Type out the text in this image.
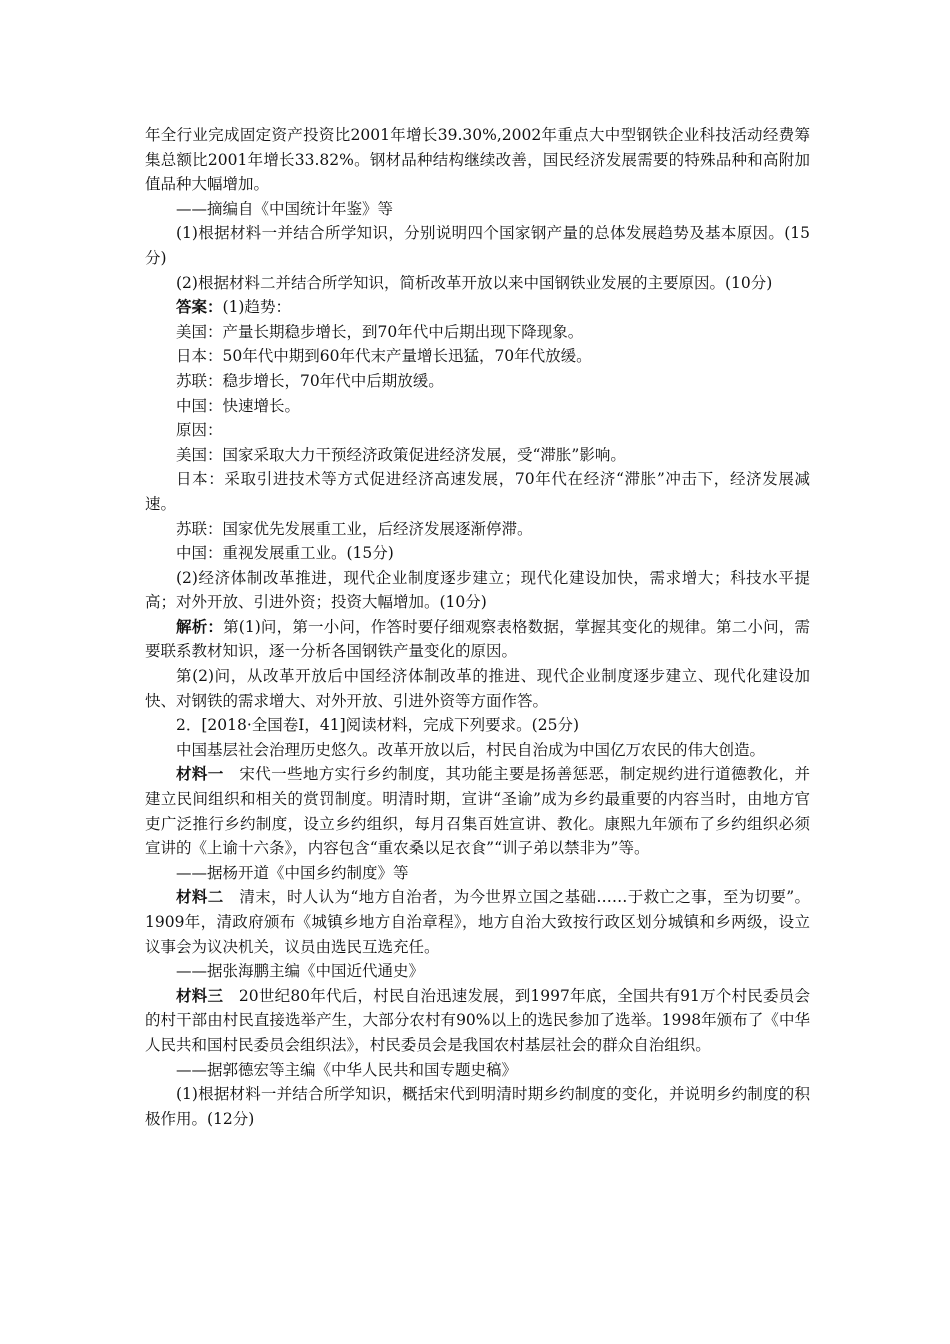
年全行业完成固定资产投资比2001年增长39.30%,2002年重点大中型钢铁企业科技活动经费筹集总额比2001年增长33.82%。钢材品种结构继续改善，国民经济发展需要的特殊品种和高附加值品种大幅增加。

——摘编自《中国统计年鉴》等

(1)根据材料一并结合所学知识，分别说明四个国家钢产量的总体发展趋势及基本原因。(15分)

(2)根据材料二并结合所学知识，简析改革开放以来中国钢铁业发展的主要原因。(10分)

答案：(1)趋势：

美国：产量长期稳步增长，到70年代中后期出现下降现象。

日本：50年代中期到60年代末产量增长迅猛，70年代放缓。

苏联：稳步增长，70年代中后期放缓。

中国：快速增长。

原因：

美国：国家采取大力干预经济政策促进经济发展，受“滞胀”影响。

日本：采取引进技术等方式促进经济高速发展，70年代在经济“滞胀”冲击下，经济发展减速。

苏联：国家优先发展重工业，后经济发展逐渐停滞。

中国：重视发展重工业。(15分)

(2)经济体制改革推进，现代企业制度逐步建立；现代化建设加快，需求增大；科技水平提高；对外开放、引进外资；投资大幅增加。(10分)

解析：第(1)问，第一小问，作答时要仔细观察表格数据，掌握其变化的规律。第二小问，需要联系教材知识，逐一分析各国钢铁产量变化的原因。

第(2)问，从改革开放后中国经济体制改革的推进、现代企业制度逐步建立、现代化建设加快、对钢铁的需求增大、对外开放、引进外资等方面作答。

2．[2018·全国卷Ⅰ，41]阅读材料，完成下列要求。(25分)

中国基层社会治理历史悠久。改革开放以后，村民自治成为中国亿万农民的伟大创造。

材料一　宋代一些地方实行乡约制度，其功能主要是扬善惩恶，制定规约进行道德教化，并建立民间组织和相关的赏罚制度。明清时期，宣讲“圣谕”成为乡约最重要的内容当时，由地方官吏广泛推行乡约制度，设立乡约组织，每月召集百姓宣讲、教化。康熙九年颁布了乡约组织必须宣讲的《上谕十六条》，内容包含“重农桑以足衣食”“训子弟以禁非为”等。

——据杨开道《中国乡约制度》等

材料二　清末，时人认为“地方自治者，为今世界立国之基础……于救亡之事，至为切要”。1909年，清政府颁布《城镇乡地方自治章程》，地方自治大致按行政区划分城镇和乡两级，设立议事会为议决机关，议员由选民互选充任。

——据张海鹏主编《中国近代通史》

材料三　20世纪80年代后，村民自治迅速发展，到1997年底，全国共有91万个村民委员会的村干部由村民直接选举产生，大部分农村有90%以上的选民参加了选举。1998年颁布了《中华人民共和国村民委员会组织法》，村民委员会是我国农村基层社会的群众自治组织。

——据郭德宏等主编《中华人民共和国专题史稿》

(1)根据材料一并结合所学知识，概括宋代到明清时期乡约制度的变化，并说明乡约制度的积极作用。(12分)
